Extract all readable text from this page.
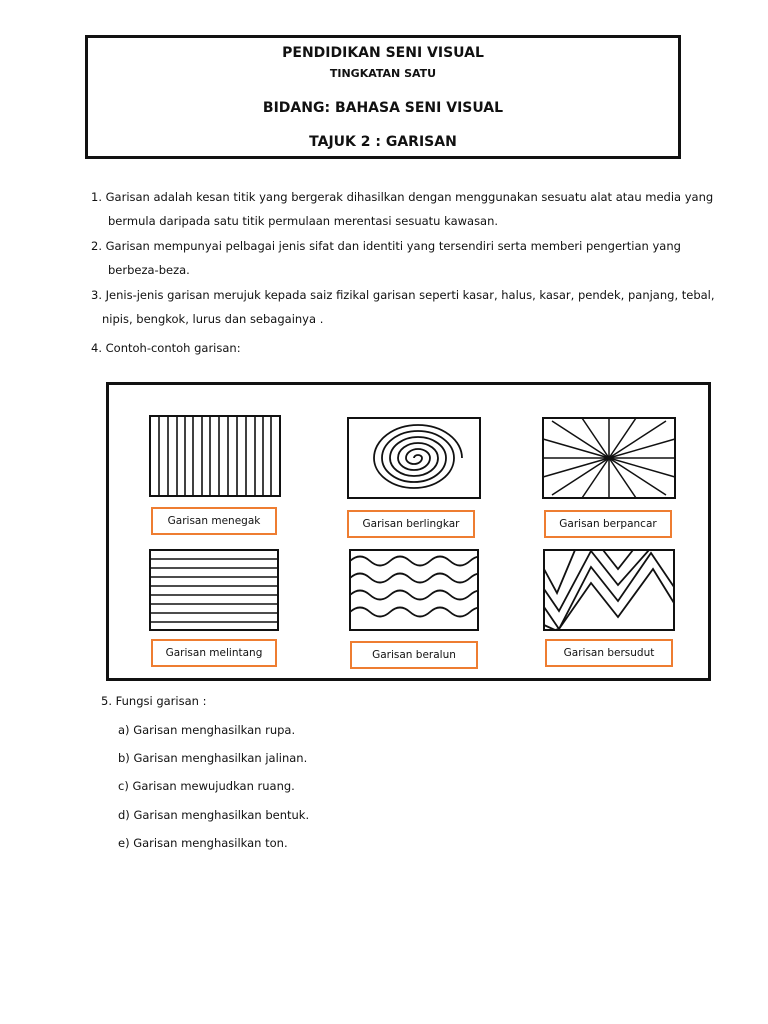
PENDIDIKAN SENI VISUAL
TINGKATAN SATU
BIDANG: BAHASA SENI VISUAL
TAJUK 2 : GARISAN
1. Garisan adalah kesan titik yang bergerak dihasilkan dengan menggunakan sesuatu alat atau media yang
bermula daripada satu titik permulaan merentasi sesuatu kawasan.
2. Garisan mempunyai pelbagai jenis sifat dan identiti yang tersendiri serta memberi pengertian yang
berbeza-beza.
3. Jenis-jenis garisan merujuk kepada saiz fizikal garisan seperti kasar, halus, kasar, pendek, panjang, tebal,
nipis, bengkok, lurus dan sebagainya .
4. Contoh-contoh garisan:
Garisan menegak	Garisan berlingkar	Garisan berpancar
Garisan melintang	Garisan beralun	Garisan bersudut
5. Fungsi garisan :
a) Garisan menghasilkan rupa.
b) Garisan menghasilkan jalinan.
c) Garisan mewujudkan ruang.
d) Garisan menghasilkan bentuk.
e) Garisan menghasilkan ton.
